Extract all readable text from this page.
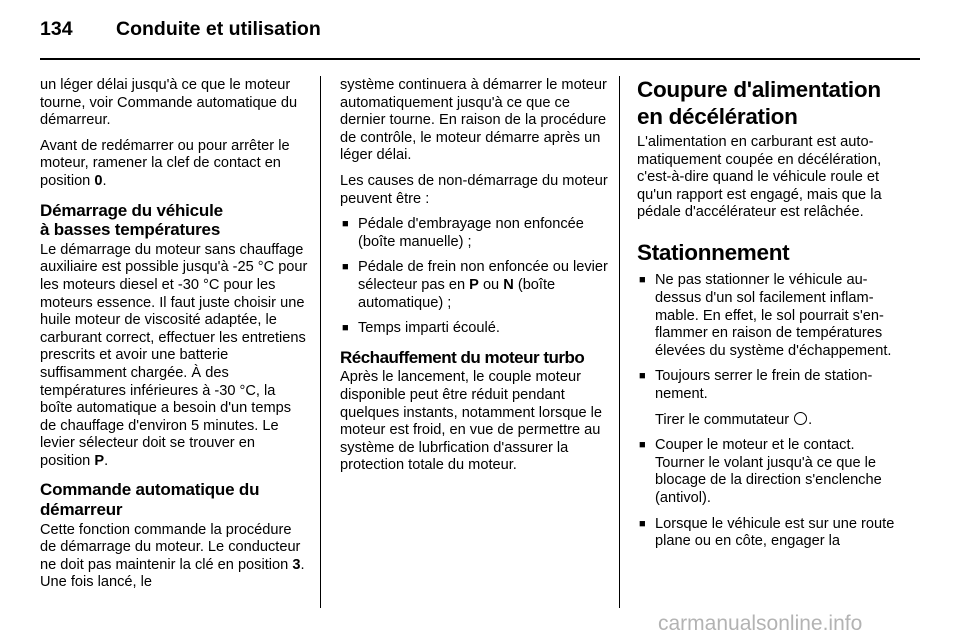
134 Conduite et utilisation

un léger délai jusqu'à ce que le moteur tourne, voir Commande automatique du démarreur.

Avant de redémarrer ou pour arrêter le moteur, ramener la clef de contact en position 0.

Démarrage du véhicule
à basses températures

Le démarrage du moteur sans chauffage auxiliaire est possible jusqu'à -25 °C pour les moteurs diesel et -30 °C pour les moteurs essence. Il faut juste choisir une huile moteur de viscosité adaptée, le carburant correct, effectuer les entretiens prescrits et avoir une batterie suffisamment chargée. À des températures inférieures à -30 °C, la boîte automatique a besoin d'un temps de chauffage d'environ 5 minutes. Le levier sélecteur doit se trouver en position P.

Commande automatique du
démarreur

Cette fonction commande la procédure de démarrage du moteur. Le conducteur ne doit pas maintenir la clé en position 3. Une fois lancé, le

système continuera à démarrer le moteur automatiquement jusqu'à ce que ce dernier tourne. En raison de la procédure de contrôle, le moteur démarre après un léger délai.

Les causes de non-démarrage du moteur peuvent être :

■ Pédale d'embrayage non enfoncée (boîte manuelle) ;
■ Pédale de frein non enfoncée ou levier sélecteur pas en P ou N (boîte automatique) ;
■ Temps imparti écoulé.
Réchauffement du moteur turbo

Après le lancement, le couple moteur disponible peut être réduit pendant quelques instants, notamment lorsque le moteur est froid, en vue de permettre au système de lubrfication d'assurer la protection totale du moteur.

Coupure d'alimentation en décélération

L'alimentation en carburant est automatiquement coupée en décélération, c'est-à-dire quand le véhicule roule et qu'un rapport est engagé, mais que la pédale d'accélérateur est relâchée.

Stationnement
■ Ne pas stationner le véhicule au-dessus d'un sol facilement inflammable. En effet, le sol pourrait s'enflammer en raison de températures élevées du système d'échappement.
■ Toujours serrer le frein de stationnement.
Tirer le commutateur .
■ Couper le moteur et le contact. Tourner le volant jusqu'à ce que le blocage de la direction s'enclenche (antivol).
■ Lorsque le véhicule est sur une route plane ou en côte, engager la
carmanualsonline.info
